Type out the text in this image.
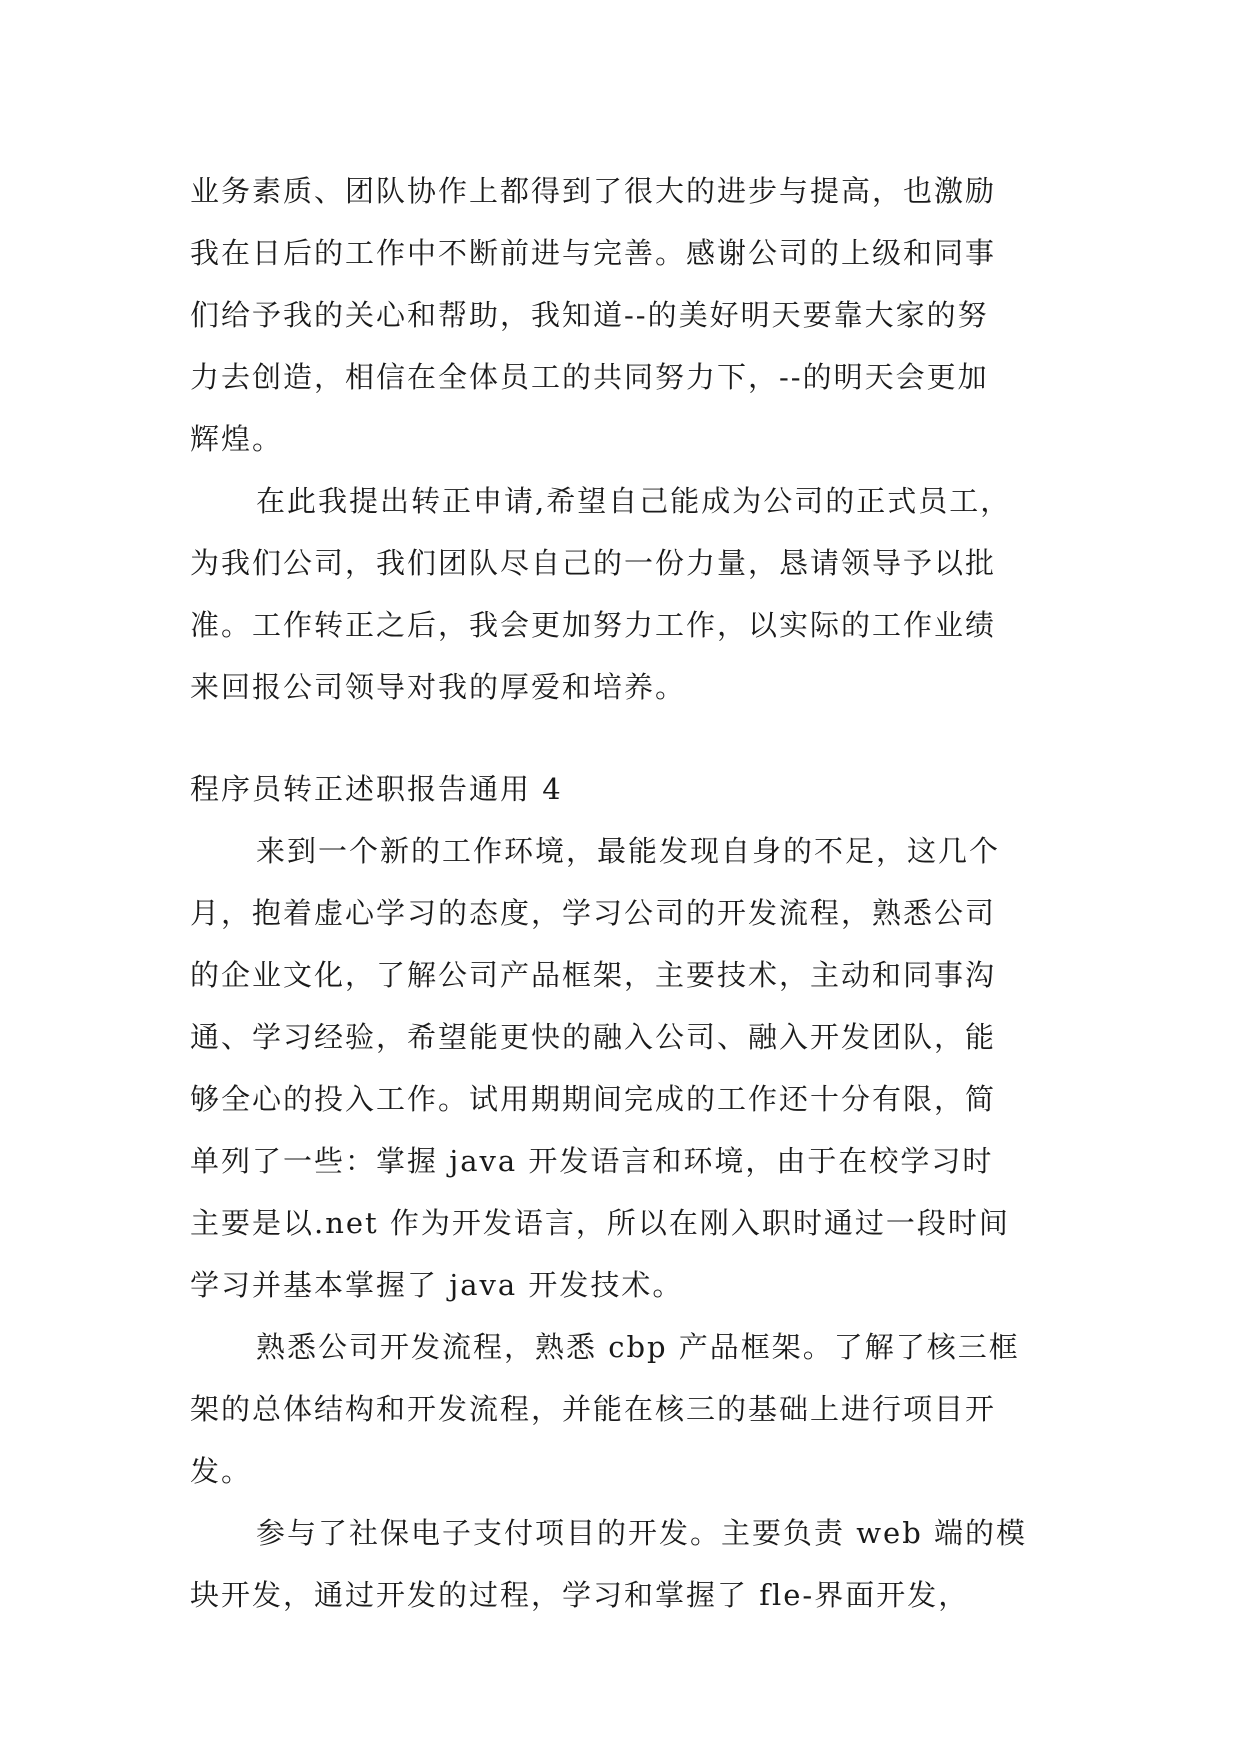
业务素质、团队协作上都得到了很大的进步与提高，也激励
我在日后的工作中不断前进与完善。感谢公司的上级和同事
们给予我的关心和帮助，我知道--的美好明天要靠大家的努
力去创造，相信在全体员工的共同努力下，--的明天会更加
辉煌。
在此我提出转正申请,希望自己能成为公司的正式员工，
为我们公司，我们团队尽自己的一份力量，恳请领导予以批
准。工作转正之后，我会更加努力工作，以实际的工作业绩
来回报公司领导对我的厚爱和培养。
程序员转正述职报告通用 4
来到一个新的工作环境，最能发现自身的不足，这几个
月，抱着虚心学习的态度，学习公司的开发流程，熟悉公司
的企业文化，了解公司产品框架，主要技术，主动和同事沟
通、学习经验，希望能更快的融入公司、融入开发团队，能
够全心的投入工作。试用期期间完成的工作还十分有限，简
单列了一些：掌握 java 开发语言和环境，由于在校学习时
主要是以.net 作为开发语言，所以在刚入职时通过一段时间
学习并基本掌握了 java 开发技术。
熟悉公司开发流程，熟悉 cbp 产品框架。了解了核三框
架的总体结构和开发流程，并能在核三的基础上进行项目开
发。
参与了社保电子支付项目的开发。主要负责 web 端的模
块开发，通过开发的过程，学习和掌握了 fle-界面开发，
